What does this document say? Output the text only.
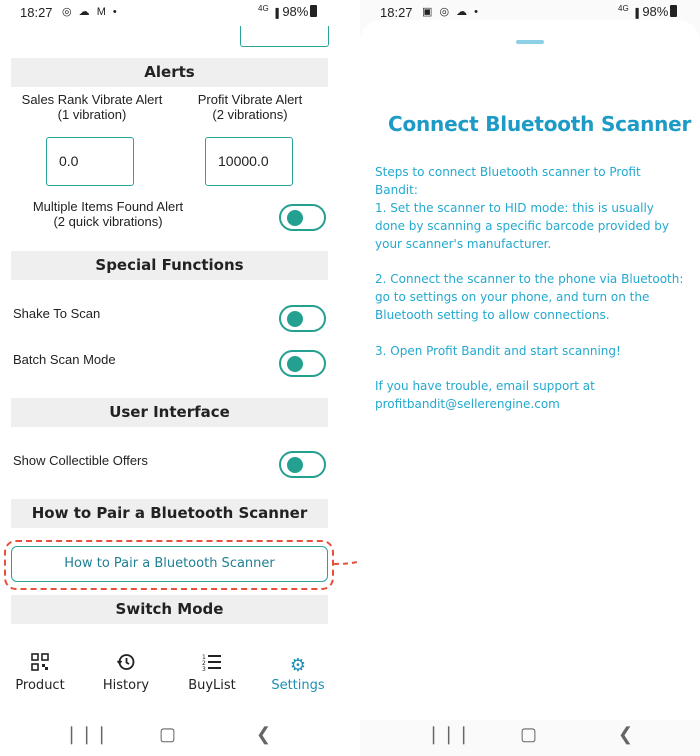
18:27 ◎ ☁ M •	$^{4G}$ ▐ 98%
Alerts
Sales Rank Vibrate Alert
(1 vibration)
Profit Vibrate Alert
(2 vibrations)
0.0	10000.0
Multiple Items Found Alert
(2 quick vibrations)
Special Functions
Shake To Scan
Batch Scan Mode
User Interface
Show Collectible Offers
How to Pair a Bluetooth Scanner
How to Pair a Bluetooth Scanner
Switch Mode
Product	History
1
2
3
BuyList
⚙
Settings
❘❘❘	▢	❮
18:27 ▣ ◎ ☁ •	$^{4G}$ ▐ 98%
Connect Bluetooth Scanner
Steps to connect Bluetooth scanner to Profit Bandit:
1. Set the scanner to HID mode: this is usually done by scanning a specific barcode provided by your scanner's manufacturer.
2. Connect the scanner to the phone via Bluetooth: go to settings on your phone, and turn on the Bluetooth setting to allow connections.
3. Open Profit Bandit and start scanning!
If you have trouble, email support at
profitbandit@sellerengine.com
❘❘❘	▢	❮
